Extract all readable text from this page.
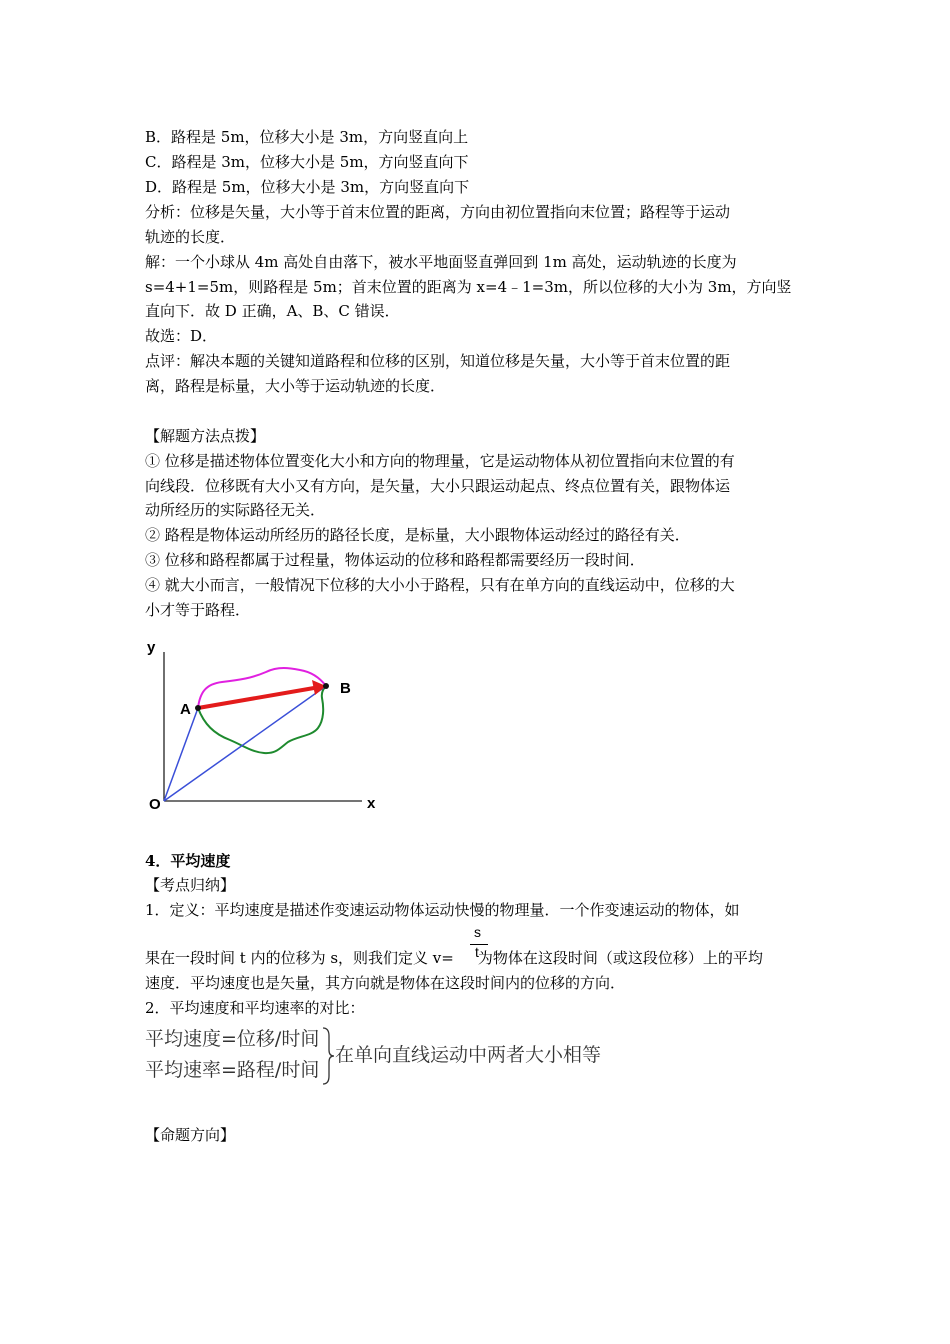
B．路程是 5m，位移大小是 3m，方向竖直向上
C．路程是 3m，位移大小是 5m，方向竖直向下
D．路程是 5m，位移大小是 3m，方向竖直向下
分析：位移是矢量，大小等于首末位置的距离，方向由初位置指向末位置；路程等于运动
轨迹的长度．
解：一个小球从 4m 高处自由落下，被水平地面竖直弹回到 1m 高处，运动轨迹的长度为
s=4+1=5m，则路程是 5m；首末位置的距离为 x=4﹣1=3m，所以位移的大小为 3m，方向竖
直向下．故 D 正确，A、B、C 错误．
故选：D．
点评：解决本题的关键知道路程和位移的区别，知道位移是矢量，大小等于首末位置的距
离，路程是标量，大小等于运动轨迹的长度．
【解题方法点拨】
① 位移是描述物体位置变化大小和方向的物理量，它是运动物体从初位置指向末位置的有
向线段．位移既有大小又有方向，是矢量，大小只跟运动起点、终点位置有关，跟物体运
动所经历的实际路径无关．
② 路程是物体运动所经历的路径长度，是标量，大小跟物体运动经过的路径有关．
③ 位移和路程都属于过程量，物体运动的位移和路程都需要经历一段时间．
④ 就大小而言，一般情况下位移的大小小于路程，只有在单方向的直线运动中，位移的大
小才等于路程．
y
x
O
A
B
4．平均速度
【考点归纳】
1．定义：平均速度是描述作变速运动物体运动快慢的物理量．一个作变速运动的物体，如
果在一段时间 t 内的位移为 s，则我们定义 v= 为物体在这段时间（或这段位移）上的平均
s
t
速度．平均速度也是矢量，其方向就是物体在这段时间内的位移的方向．
2．平均速度和平均速率的对比：
平均速度=位移/时间
平均速率=路程/时间
在单向直线运动中两者大小相等
【命题方向】
